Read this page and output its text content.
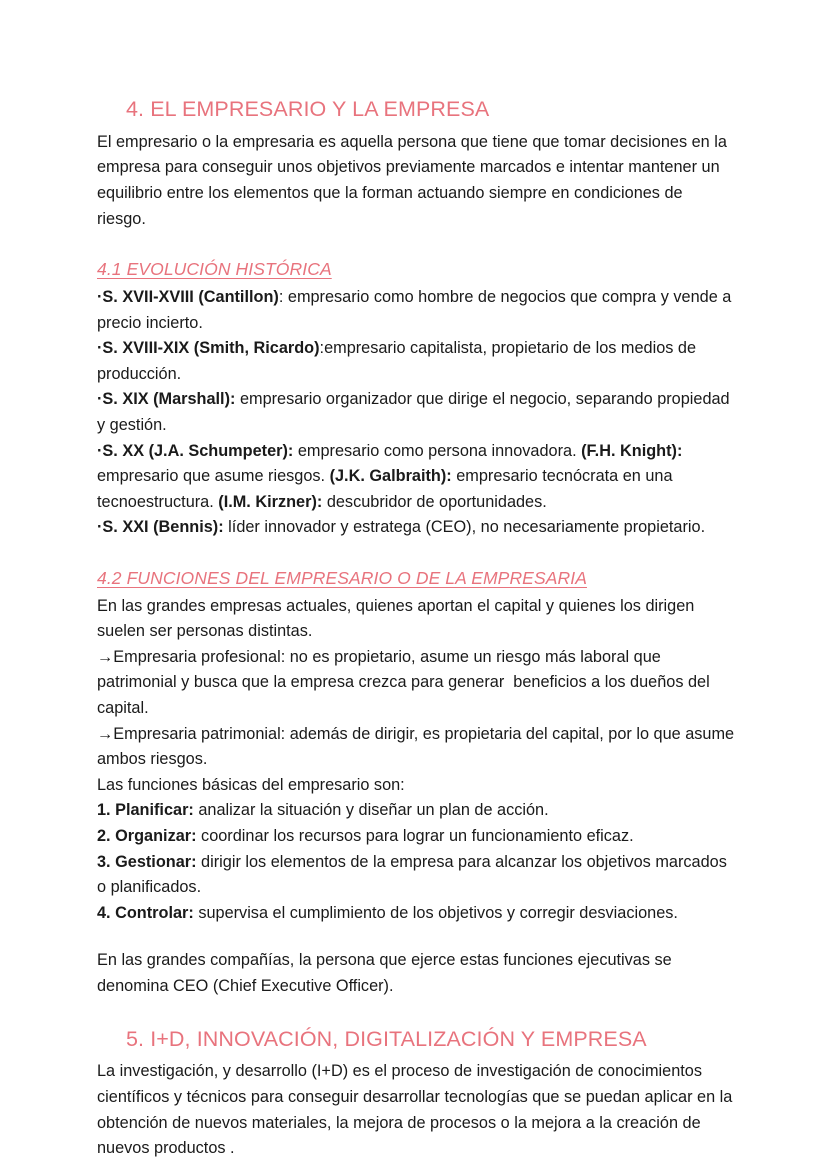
4. EL EMPRESARIO Y LA EMPRESA

El empresario o la empresaria es aquella persona que tiene que tomar decisiones en la empresa para conseguir unos objetivos previamente marcados e intentar mantener un equilibrio entre los elementos que la forman actuando siempre en condiciones de riesgo.

4.1 EVOLUCIÓN HISTÓRICA

·S. XVII-XVIII (Cantillon): empresario como hombre de negocios que compra y vende a precio incierto.

·S. XVIII-XIX (Smith, Ricardo):empresario capitalista, propietario de los medios de producción.

·S. XIX (Marshall): empresario organizador que dirige el negocio, separando propiedad y gestión.

·S. XX (J.A. Schumpeter): empresario como persona innovadora. (F.H. Knight): empresario que asume riesgos. (J.K. Galbraith): empresario tecnócrata en una tecnoestructura. (I.M. Kirzner): descubridor de oportunidades.

·S. XXI (Bennis): líder innovador y estratega (CEO), no necesariamente propietario.

4.2 FUNCIONES DEL EMPRESARIO O DE LA EMPRESARIA

En las grandes empresas actuales, quienes aportan el capital y quienes los dirigen suelen ser personas distintas.

→Empresaria profesional: no es propietario, asume un riesgo más laboral que patrimonial y busca que la empresa crezca para generar  beneficios a los dueños del capital.

→Empresaria patrimonial: además de dirigir, es propietaria del capital, por lo que asume ambos riesgos.

Las funciones básicas del empresario son:

1. Planificar: analizar la situación y diseñar un plan de acción.

2. Organizar: coordinar los recursos para lograr un funcionamiento eficaz.

3. Gestionar: dirigir los elementos de la empresa para alcanzar los objetivos marcados o planificados.

4. Controlar: supervisa el cumplimiento de los objetivos y corregir desviaciones.

En las grandes compañías, la persona que ejerce estas funciones ejecutivas se denomina CEO (Chief Executive Officer).

5. I+D, INNOVACIÓN, DIGITALIZACIÓN Y EMPRESA

La investigación, y desarrollo (I+D) es el proceso de investigación de conocimientos científicos y técnicos para conseguir desarrollar tecnologías que se puedan aplicar en la obtención de nuevos materiales, la mejora de procesos o la mejora a la creación de nuevos productos .
